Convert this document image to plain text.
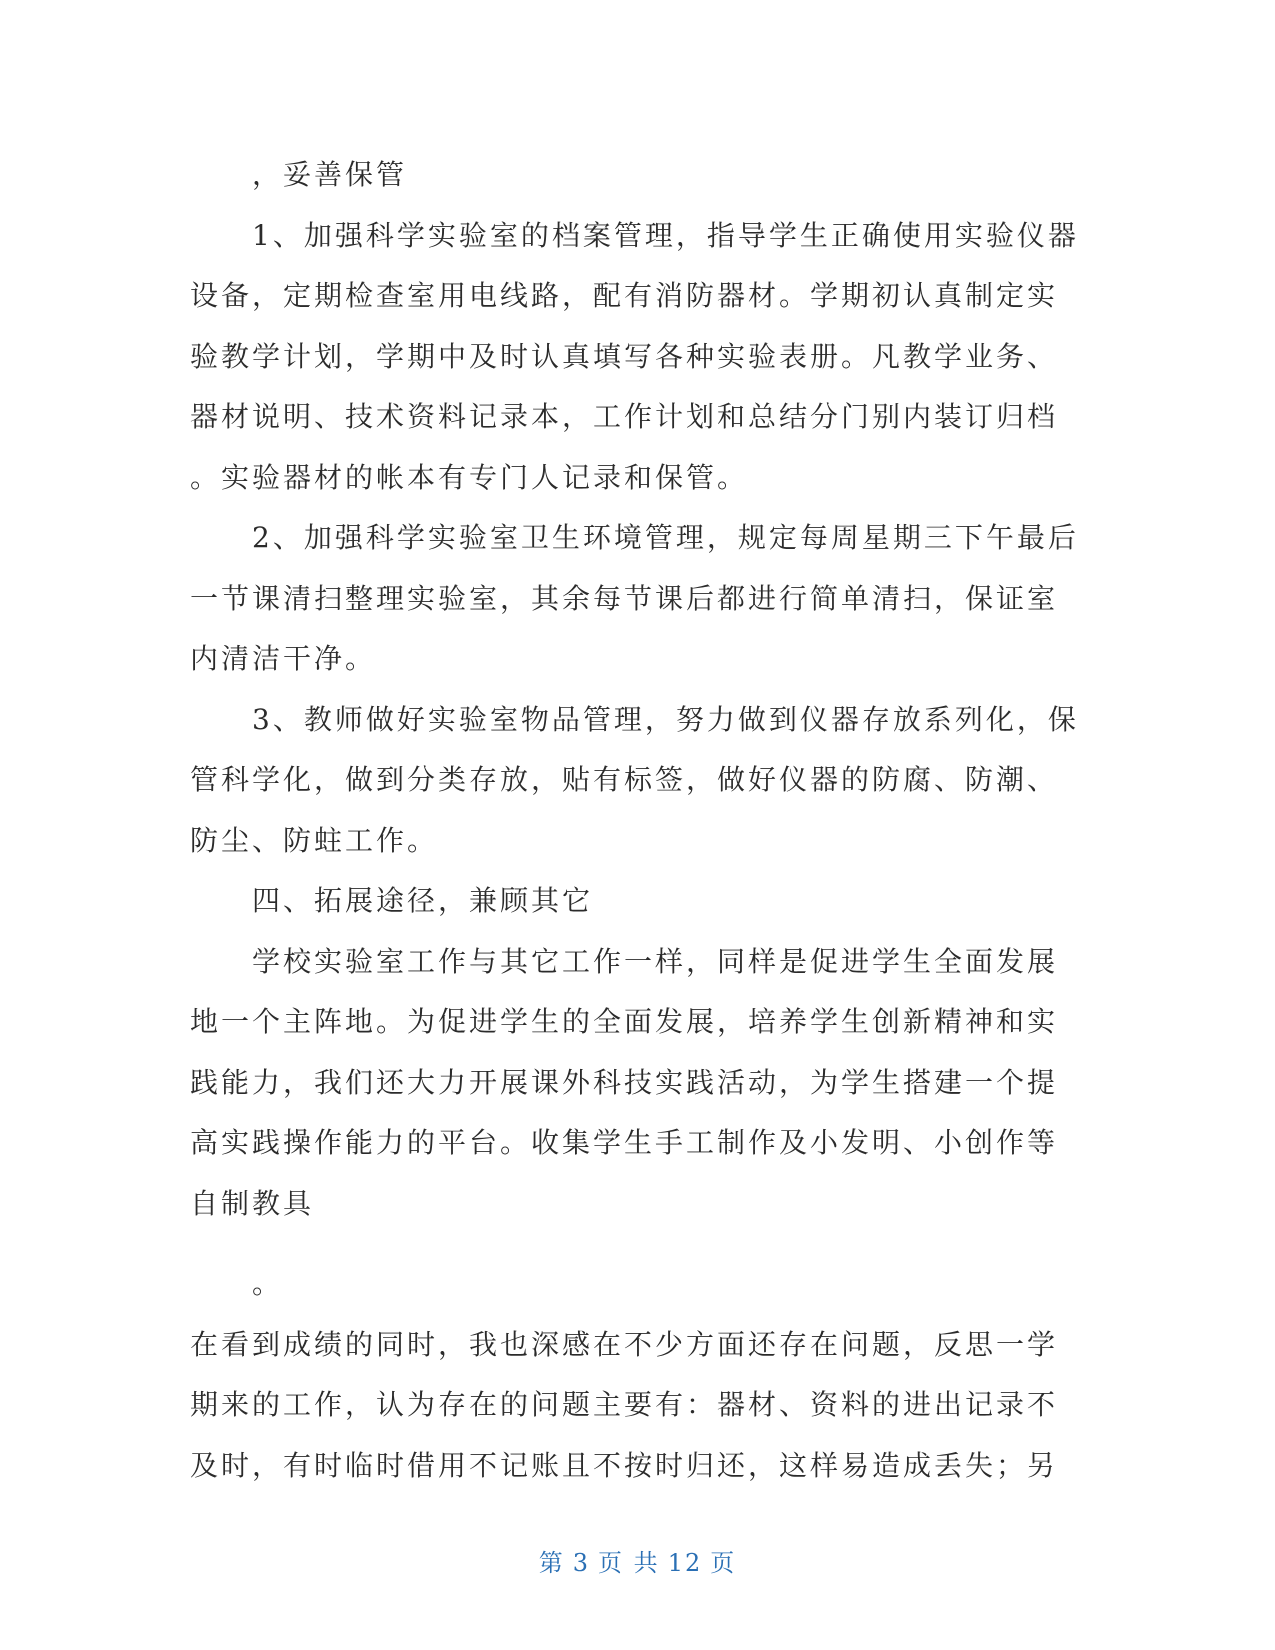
，妥善保管
1、加强科学实验室的档案管理，指导学生正确使用实验仪器
设备，定期检查室用电线路，配有消防器材。学期初认真制定实
验教学计划，学期中及时认真填写各种实验表册。凡教学业务、
器材说明、技术资料记录本，工作计划和总结分门别内装订归档
。实验器材的帐本有专门人记录和保管。
2、加强科学实验室卫生环境管理，规定每周星期三下午最后
一节课清扫整理实验室，其余每节课后都进行简单清扫，保证室
内清洁干净。
3、教师做好实验室物品管理，努力做到仪器存放系列化，保
管科学化，做到分类存放，贴有标签，做好仪器的防腐、防潮、
防尘、防蛀工作。
四、拓展途径，兼顾其它
学校实验室工作与其它工作一样，同样是促进学生全面发展
地一个主阵地。为促进学生的全面发展，培养学生创新精神和实
践能力，我们还大力开展课外科技实践活动，为学生搭建一个提
高实践操作能力的平台。收集学生手工制作及小发明、小创作等
自制教具
。
在看到成绩的同时，我也深感在不少方面还存在问题，反思一学
期来的工作，认为存在的问题主要有：器材、资料的进出记录不
及时，有时临时借用不记账且不按时归还，这样易造成丢失；另
第 3 页 共 12 页
